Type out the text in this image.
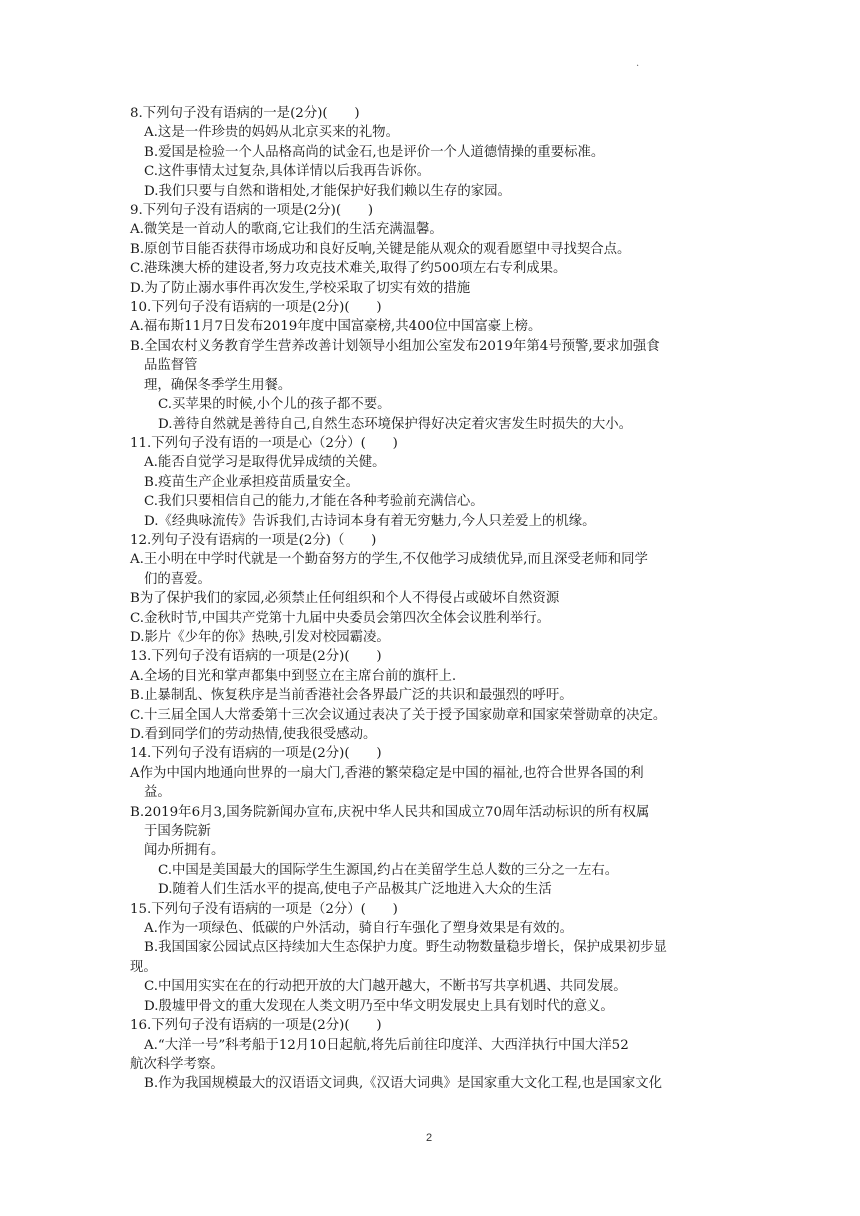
.
8.下列句子没有语病的一是(2分)(　　)
A.这是一件珍贵的妈妈从北京买来的礼物。
B.爱国是检验一个人品格高尚的试金石,也是评价一个人道德情操的重要标准。
C.这件事情太过复杂,具体详情以后我再告诉你。
D.我们只要与自然和谐相处,才能保护好我们赖以生存的家园。
9.下列句子没有语病的一项是(2分)(　　)
A.微笑是一首动人的歌商,它让我们的生活充满温馨。
B.原创节目能否获得市场成功和良好反响,关键是能从观众的观看愿望中寻找契合点。
C.港珠澳大桥的建设者,努力攻克技术难关,取得了约500项左右专利成果。
D.为了防止溺水事件再次发生,学校采取了切实有效的措施
10.下列句子没有语病的一项是(2分)(　　)
A.福布斯11月7日发布2019年度中国富豪榜,共400位中国富豪上榜。
B.全国农村义务教育学生营养改善计划领导小组加公室发布2019年第4号预警,要求加强食
品监督管
理，确保冬季学生用餐。
C.买苹果的时候,小个儿的孩子都不要。
D.善待自然就是善待自己,自然生态环境保护得好决定着灾害发生时损失的大小。
11.下列句子没有语的一项是心（2分）(　　)
A.能否自觉学习是取得优异成绩的关健。
B.疫苗生产企业承担疫苗质量安全。
C.我们只要相信自己的能力,才能在各种考验前充满信心。
D.《经典咏流传》告诉我们,古诗词本身有着无穷魅力,今人只差爱上的机缘。
12.列句子没有语病的一项是(2分)（　　)
A.王小明在中学时代就是一个勤奋努方的学生,不仅他学习成绩优异,而且深受老师和同学
们的喜爱。
B为了保护我们的家园,必须禁止任何组织和个人不得侵占或破坏自然资源
C.金秋时节,中国共产党第十九届中央委员会第四次全体会议胜利举行。
D.影片《少年的你》热映,引发对校园霸凌。
13.下列句子没有语病的一项是(2分)(　　)
A.全场的目光和掌声都集中到竖立在主席台前的旗杆上.
B.止暴制乱、恢复秩序是当前香港社会各界最广泛的共识和最强烈的呼吁。
C.十三届全国人大常委第十三次会议通过表决了关于授予国家勋章和国家荣誉勋章的决定。
D.看到同学们的劳动热情,使我很受感动。
14.下列句子没有语病的一项是(2分)(　　)
A作为中国内地通向世界的一扇大门,香港的繁荣稳定是中国的福祉,也符合世界各国的利
益。
B.2019年6月3,国务院新闻办宣布,庆祝中华人民共和国成立70周年活动标识的所有权属
于国务院新
闻办所拥有。
C.中国是美国最大的国际学生生源国,约占在美留学生总人数的三分之一左右。
D.随着人们生活水平的提高,使电子产品极其广泛地进入大众的生活
15.下列句子没有语病的一项是（2分）(　　)
A.作为一项绿色、低碳的户外活动，骑自行车强化了塑身效果是有效的。
B.我国国家公园试点区持续加大生态保护力度。野生动物数量稳步增长，保护成果初步显
现。
C.中国用实实在在的行动把开放的大门越开越大，不断书写共享机遇、共同发展。
D.殷墟甲骨文的重大发现在人类文明乃至中华文明发展史上具有划时代的意义。
16.下列句子没有语病的一项是(2分)(　　)
A.“大洋一号”科考船于12月10日起航,将先后前往印度洋、大西洋执行中国大洋52
航次科学考察。
B.作为我国规模最大的汉语语文词典,《汉语大词典》是国家重大文化工程,也是国家文化
2
